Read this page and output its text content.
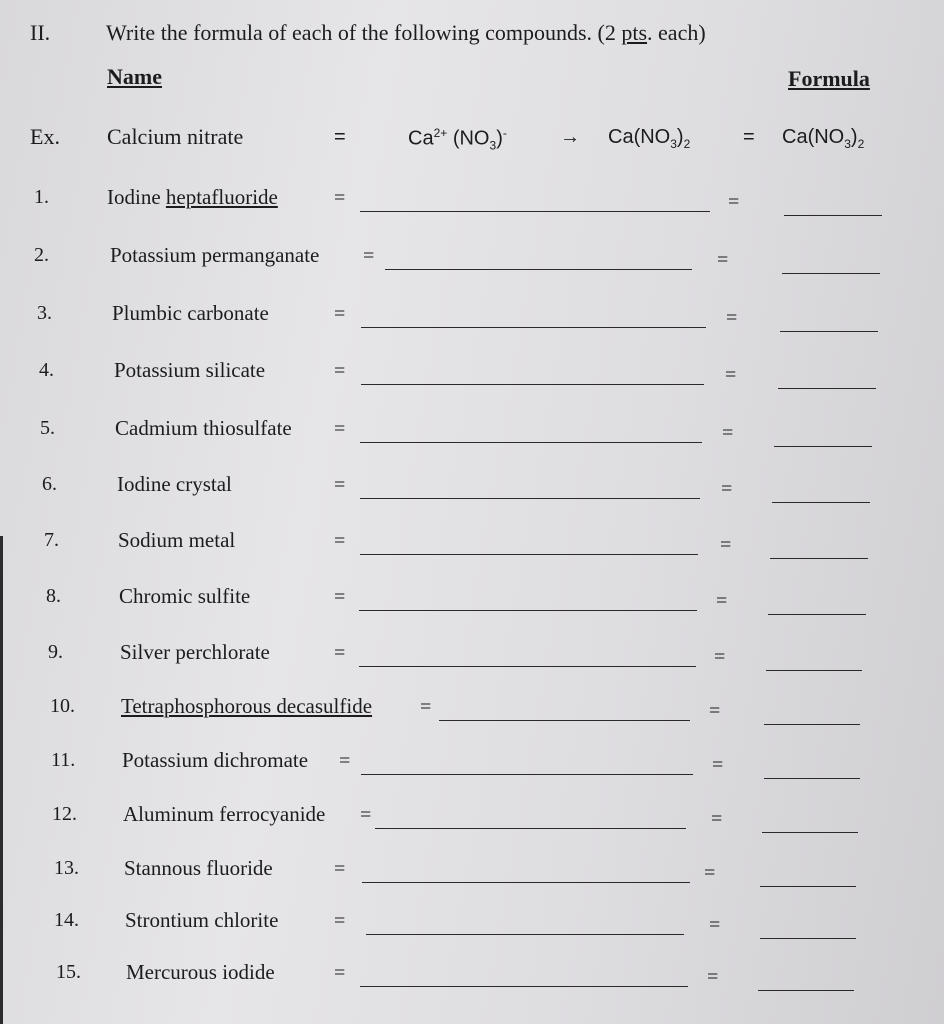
II.	Write the formula of each of the following compounds. (2 pts. each)
Name	Formula
Ex. Calcium nitrate	=	$Ca^{2+}$ $(NO_3)^-$	→ $Ca(NO_3)_2$	= $Ca(NO_3)_2$
1.	Iodine heptafluoride	=	=
2.	Potassium permanganate =	=
3.	Plumbic carbonate	=	=
4.	Potassium silicate	=	=
5.	Cadmium thiosulfate =	=
6.	Iodine crystal	=	=
7.	Sodium metal	=	=
8.	Chromic sulfite	=	=
9.	Silver perchlorate	=	=
10. Tetraphosphorous decasulfide =	=
11. Potassium dichromate =	=
12. Aluminum ferrocyanide =	=
13. Stannous fluoride	=	=
14. Strontium chlorite	=	=
15. Mercurous iodide	=	=
